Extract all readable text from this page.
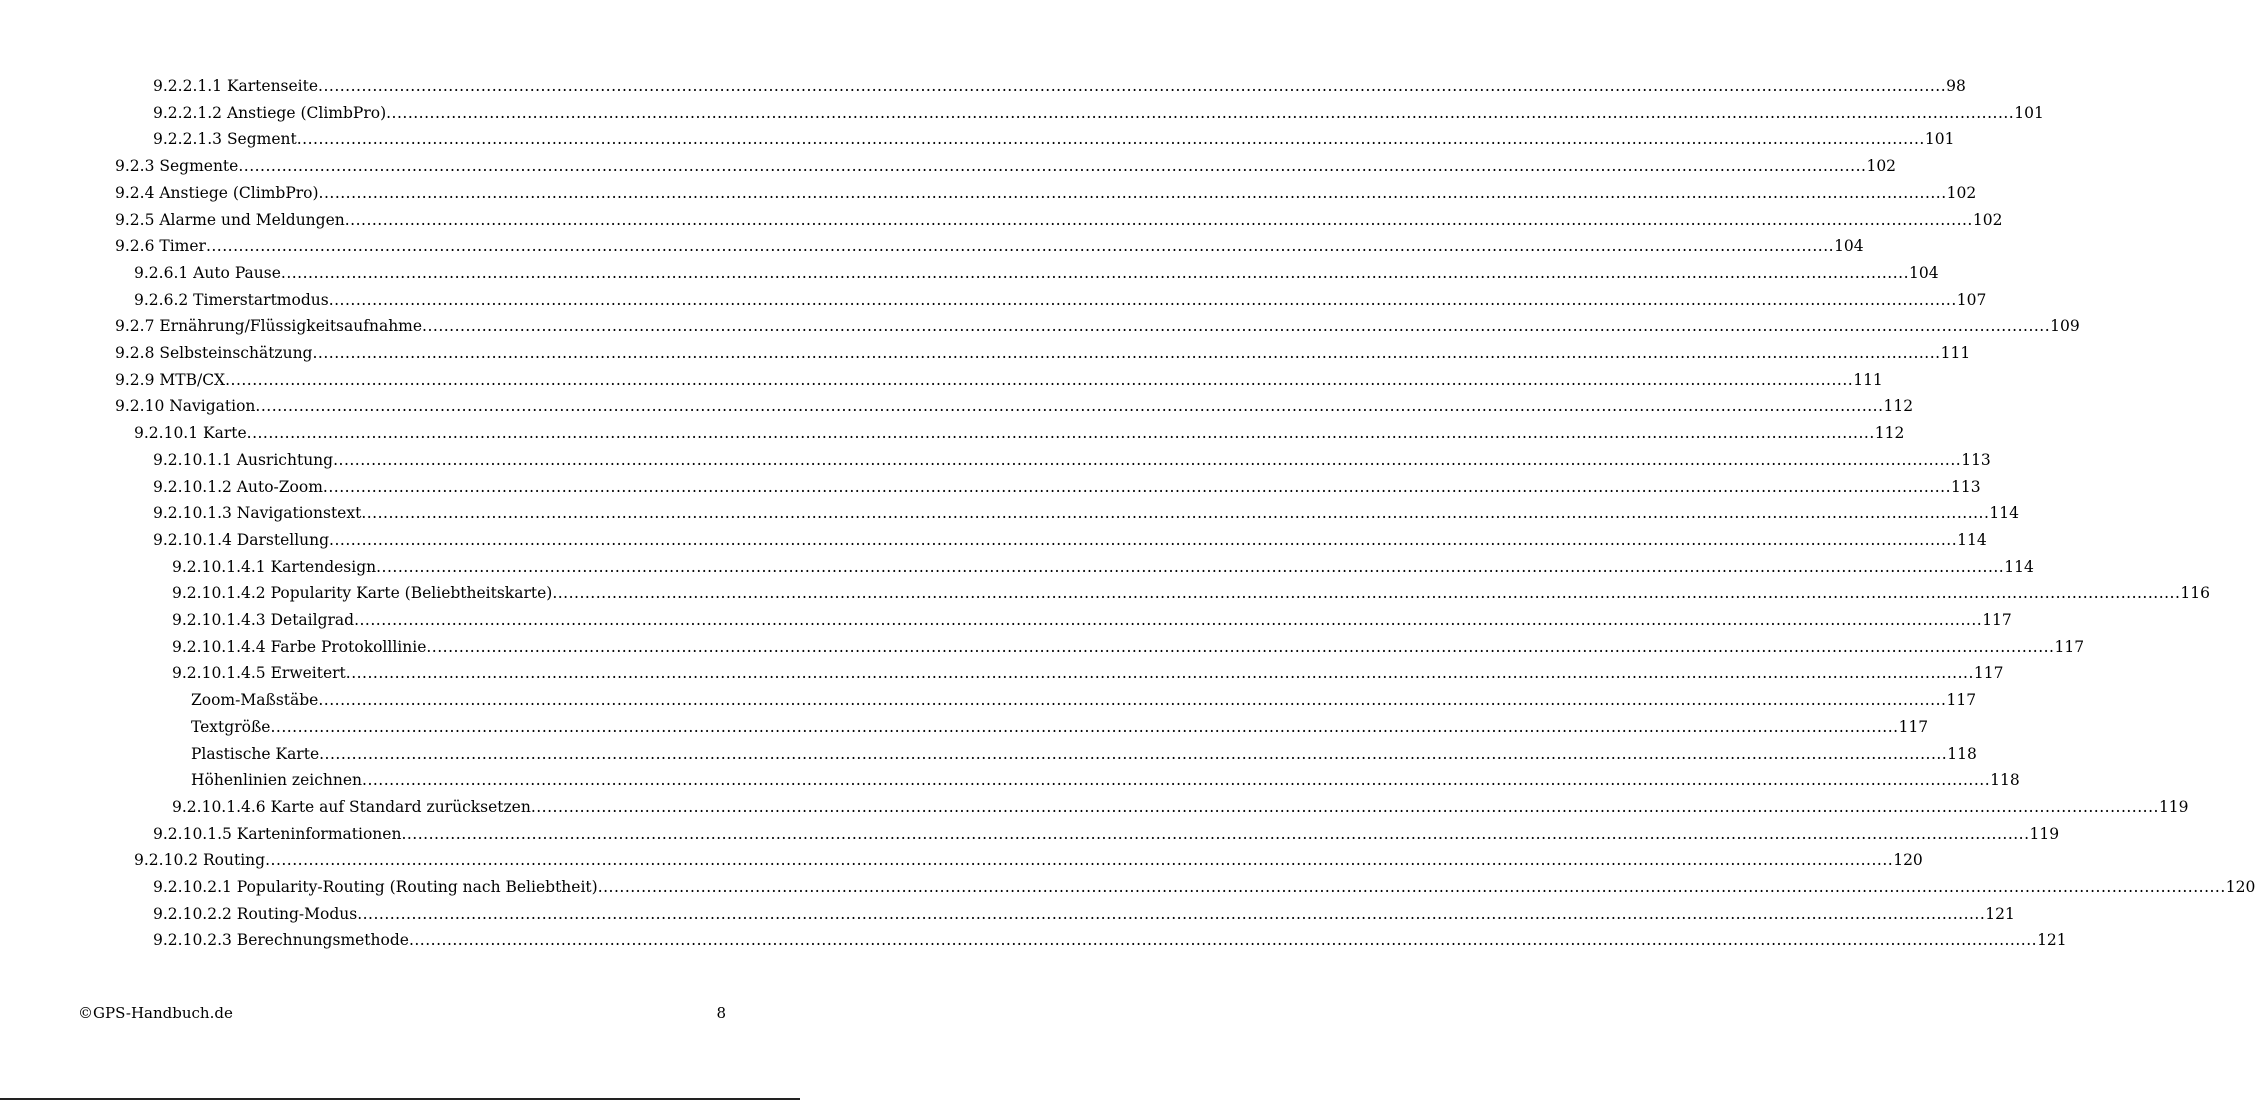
9.2.2.1.1 Kartenseite ............................................................................................................................................................................................................................................................................................................ 98
9.2.2.1.2 Anstiege (ClimbPro) ............................................................................................................................................................................................................................................................................................................ 101
9.2.2.1.3 Segment ............................................................................................................................................................................................................................................................................................................ 101
9.2.3 Segmente ............................................................................................................................................................................................................................................................................................................ 102
9.2.4 Anstiege (ClimbPro) ............................................................................................................................................................................................................................................................................................................ 102
9.2.5 Alarme und Meldungen ............................................................................................................................................................................................................................................................................................................ 102
9.2.6 Timer ............................................................................................................................................................................................................................................................................................................ 104
9.2.6.1 Auto Pause ............................................................................................................................................................................................................................................................................................................ 104
9.2.6.2 Timerstartmodus ............................................................................................................................................................................................................................................................................................................ 107
9.2.7 Ernährung/Flüssigkeitsaufnahme ............................................................................................................................................................................................................................................................................................................ 109
9.2.8 Selbsteinschätzung ............................................................................................................................................................................................................................................................................................................ 111
9.2.9 MTB/CX ............................................................................................................................................................................................................................................................................................................ 111
9.2.10 Navigation ............................................................................................................................................................................................................................................................................................................ 112
9.2.10.1 Karte ............................................................................................................................................................................................................................................................................................................ 112
9.2.10.1.1 Ausrichtung ............................................................................................................................................................................................................................................................................................................ 113
9.2.10.1.2 Auto-Zoom ............................................................................................................................................................................................................................................................................................................ 113
9.2.10.1.3 Navigationstext ............................................................................................................................................................................................................................................................................................................ 114
9.2.10.1.4 Darstellung ............................................................................................................................................................................................................................................................................................................ 114
9.2.10.1.4.1 Kartendesign ............................................................................................................................................................................................................................................................................................................ 114
9.2.10.1.4.2 Popularity Karte (Beliebtheitskarte) ............................................................................................................................................................................................................................................................................................................ 116
9.2.10.1.4.3 Detailgrad ............................................................................................................................................................................................................................................................................................................ 117
9.2.10.1.4.4 Farbe Protokolllinie ............................................................................................................................................................................................................................................................................................................ 117
9.2.10.1.4.5 Erweitert ............................................................................................................................................................................................................................................................................................................ 117
Zoom-Maßstäbe ............................................................................................................................................................................................................................................................................................................ 117
Textgröße ............................................................................................................................................................................................................................................................................................................ 117
Plastische Karte ............................................................................................................................................................................................................................................................................................................ 118
Höhenlinien zeichnen ............................................................................................................................................................................................................................................................................................................ 118
9.2.10.1.4.6 Karte auf Standard zurücksetzen ............................................................................................................................................................................................................................................................................................................ 119
9.2.10.1.5 Karteninformationen ............................................................................................................................................................................................................................................................................................................ 119
9.2.10.2 Routing ............................................................................................................................................................................................................................................................................................................ 120
9.2.10.2.1 Popularity-Routing (Routing nach Beliebtheit) ............................................................................................................................................................................................................................................................................................................ 120
9.2.10.2.2 Routing-Modus ............................................................................................................................................................................................................................................................................................................ 121
9.2.10.2.3 Berechnungsmethode ............................................................................................................................................................................................................................................................................................................ 121
©GPS-Handbuch.de	8
